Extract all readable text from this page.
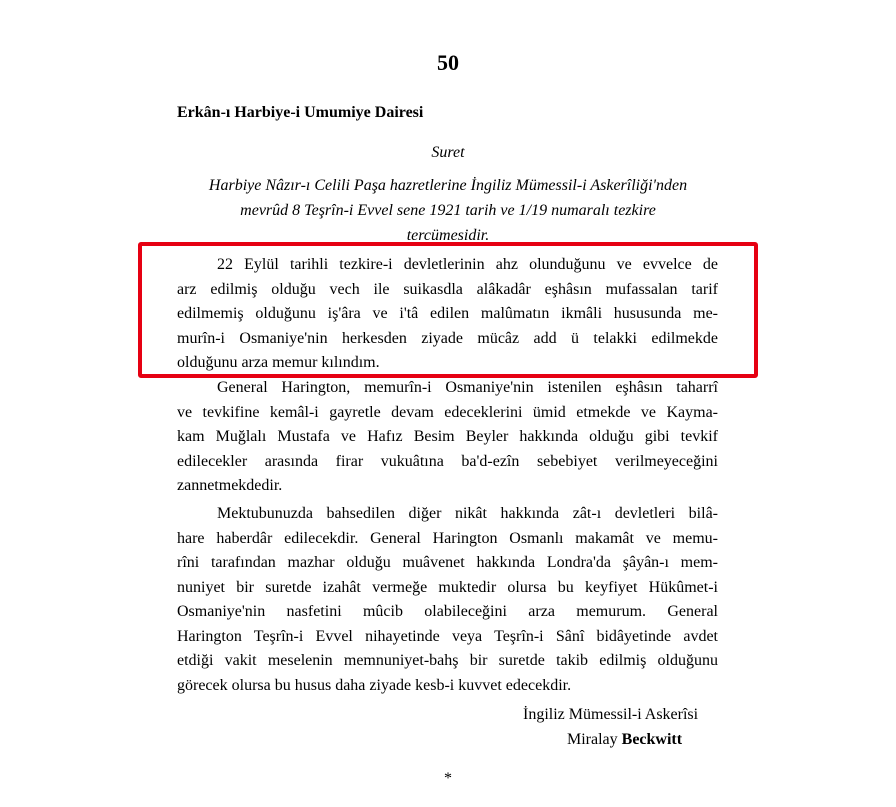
50
Erkân-ı Harbiye-i Umumiye Dairesi
Suret
Harbiye Nâzır-ı Celili Paşa hazretlerine İngiliz Mümessil-i Askerîliği'nden
mevrûd 8 Teşrîn-i Evvel sene 1921 tarih ve 1/19 numaralı tezkire
tercümesidir.
22 Eylül tarihli tezkire-i devletlerinin ahz olunduğunu ve evvelce de
arz edilmiş olduğu vech ile suikasdla alâkadâr eşhâsın mufassalan tarif
edilmemiş olduğunu iş'âra ve i'tâ edilen malûmatın ikmâli hususunda me-
murîn-i Osmaniye'nin herkesden ziyade mücâz add ü telakki edilmekde
olduğunu arza memur kılındım.
General Harington, memurîn-i Osmaniye'nin istenilen eşhâsın taharrî
ve tevkifine kemâl-i gayretle devam edeceklerini ümid etmekde ve Kayma-
kam Muğlalı Mustafa ve Hafız Besim Beyler hakkında olduğu gibi tevkif
edilecekler arasında firar vukuâtına ba'd-ezîn sebebiyet verilmeyeceğini
zannetmekdedir.
Mektubunuzda bahsedilen diğer nikât hakkında zât-ı devletleri bilâ-
hare haberdâr edilecekdir. General Harington Osmanlı makamât ve memu-
rîni tarafından mazhar olduğu muâvenet hakkında Londra'da şâyân-ı mem-
nuniyet bir suretde izahât vermeğe muktedir olursa bu keyfiyet Hükûmet-i
Osmaniye'nin nasfetini mûcib olabileceğini arza memurum. General
Harington Teşrîn-i Evvel nihayetinde veya Teşrîn-i Sânî bidâyetinde avdet
etdiği vakit meselenin memnuniyet-bahş bir suretde takib edilmiş olduğunu
görecek olursa bu husus daha ziyade kesb-i kuvvet edecekdir.
İngiliz Mümessil-i Askerîsi
Miralay Beckwitt
*
